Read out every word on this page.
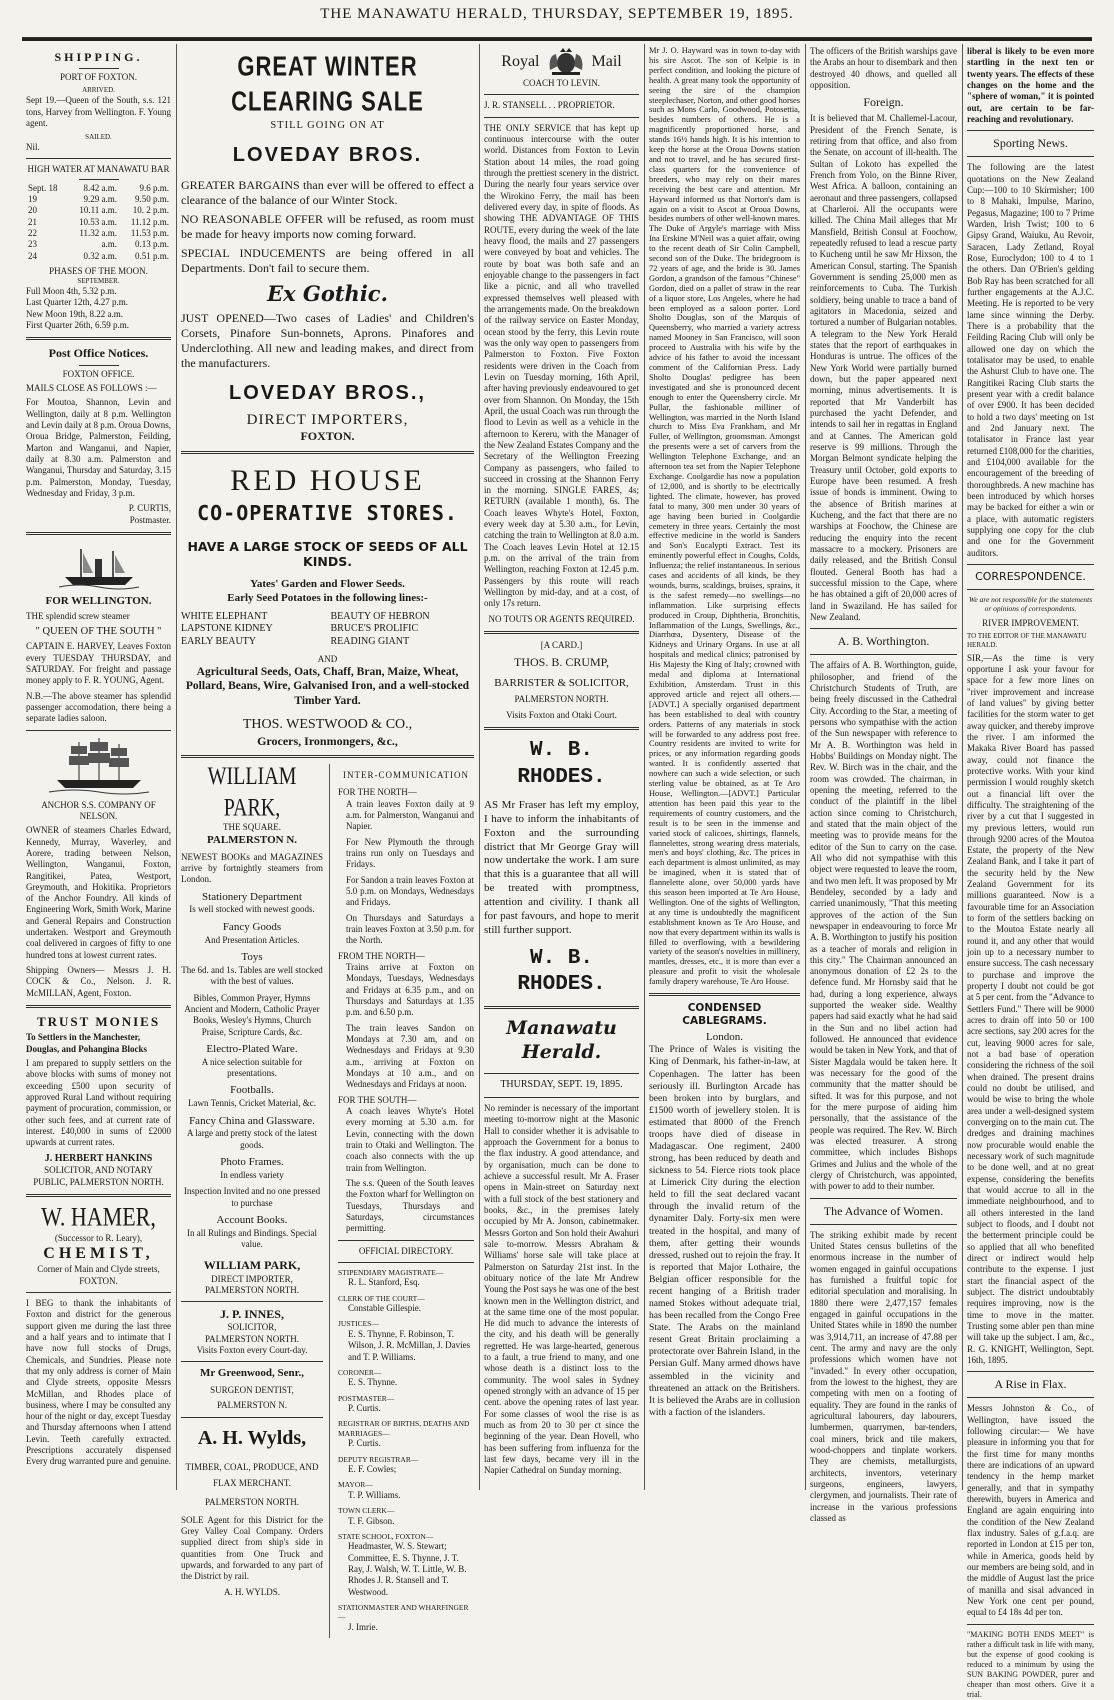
THE MANAWATU HERALD, THURSDAY, SEPTEMBER 19, 1895.
SHIPPING.
PORT OF FOXTON.
ARRIVED.

Sept 19.—Queen of the South, s.s. 121 tons, Harvey from Wellington. F. Young agent.

SAILED.

Nil.

HIGH WATER AT MANAWATU BAR
Sept. 18	8.42 a.m.	9.6 p.m.
19	9.29 a.m.	9.50 p.m.
20	10.11 a.m.	10. 2 p.m.
21	10.53 a.m.	11.12 p.m.
22	11.32 a.m.	11.53 p.m.
23	a.m.	0.13 p.m.
24	0.32 a.m.	0.51 p.m.
PHASES OF THE MOON.
SEPTEMBER.
Full Moon 4th, 5.32 p.m.
Last Quarter 12th, 4.27 p.m.
New Moon 19th, 8.22 a.m.
First Quarter 26th, 6.59 p.m.
Post Office Notices.
FOXTON OFFICE.
MAILS CLOSE AS FOLLOWS :—

For Moutoa, Shannon, Levin and Wellington, daily at 8 p.m. Wellington and Levin daily at 8 p.m. Oroua Downs, Oroua Bridge, Palmerston, Feilding, Marton and Wanganui, and Napier, daily at 8.30 a.m. Palmerston and Wanganui, Thursday and Saturday, 3.15 p.m. Palmerston, Monday, Tuesday, Wednesday and Friday, 3 p.m.

P. CURTIS,
Postmaster.
FOR WELLINGTON.
THE splendid screw steamer
" QUEEN OF THE SOUTH "

CAPTAIN E. HARVEY, Leaves Foxton every TUESDAY THURSDAY, and SATURDAY. For freight and passage money apply to F. R. YOUNG, Agent.

N.B.—The above steamer has splendid passenger accomodation, there being a separate ladies saloon.

ANCHOR S.S. COMPANY OF NELSON.

OWNER of steamers Charles Edward, Kennedy, Murray, Waverley, and Aorere, trading between Nelson, Wellington, Wanganui, Foxton, Rangitikei, Patea, Westport, Greymouth, and Hokitika. Proprietors of the Anchor Foundry. All kinds of Engineering Work, Smith Work, Marine and General Repairs and Construction undertaken. Westport and Greymouth coal delivered in cargoes of fifty to one hundred tons at lowest current rates.

Shipping Owners— Messrs J. H. COCK & Co., Nelson. J. R. McMILLAN, Agent, Foxton.

TRUST MONIES
To Settlers in the Manchester, Douglas, and Pohangina Blocks

I am prepared to supply settlers on the above blocks with sums of money not exceeding £500 upon security of approved Rural Land without requiring payment of procuration, commission, or other such fees, and at current rate of interest. £40,000 in sums of £2000 upwards at current rates.

J. HERBERT HANKINS
SOLICITOR, AND NOTARY PUBLIC, PALMERSTON NORTH.
W. HAMER,
(Successor to R. Leary),
CHEMIST,
Corner of Main and Clyde streets, FOXTON.

I BEG to thank the inhabitants of Foxton and district for the generous support given me during the last three and a half years and to intimate that I have now full stocks of Drugs, Chemicals, and Sundries. Please note that my only address is corner of Main and Clyde streets, opposite Messrs McMillan, and Rhodes place of business, where I may be consulted any hour of the night or day, except Tuesday and Thursday afternoons when I attend Levin. Teeth carefully extracted. Prescriptions accurately dispensed Every drug warranted pure and genuine.

GREAT WINTER CLEARING SALE
STILL GOING ON AT
LOVEDAY BROS.

GREATER BARGAINS than ever will be offered to effect a clearance of the balance of our Winter Stock.

NO REASONABLE OFFER will be refused, as room must be made for heavy imports now coming forward.

SPECIAL INDUCEMENTS are being offered in all Departments. Don't fail to secure them.

Ex Gothic.

JUST OPENED—Two cases of Ladies' and Children's Corsets, Pinafore Sun-bonnets, Aprons. Pinafores and Underclothing. All new and leading makes, and direct from the manufacturers.

LOVEDAY BROS.,
DIRECT IMPORTERS,
FOXTON.
RED HOUSE
CO-OPERATIVE STORES.
HAVE A LARGE STOCK OF SEEDS OF ALL KINDS.
Yates' Garden and Flower Seeds.
Early Seed Potatoes in the following lines:-
WHITE ELEPHANT
LAPSTONE KIDNEY
EARLY BEAUTY
BEAUTY OF HEBRON
BRUCE'S PROLIFIC
READING GIANT
AND
Agricultural Seeds, Oats, Chaff, Bran, Maize, Wheat, Pollard, Beans, Wire, Galvanised Iron, and a well-stocked Timber Yard.
THOS. WESTWOOD & CO.,
Grocers, Ironmongers, &c.,
WILLIAM PARK,
THE SQUARE.
PALMERSTON N.

NEWEST BOOKs and MAGAZINES arrive by fortnightly steamers from London.

Stationery Department
Is well stocked with newest goods.
Fancy Goods
And Presentation Articles.
Toys
The 6d. and 1s. Tables are well stocked with the best of values.
Bibles, Common Prayer, Hymns Ancient and Modern, Catholic Prayer Books, Wesley's Hymns, Church Praise, Scripture Cards, &c.
Electro-Plated Ware.
A nice selection suitable for presentations.
Footballs.
Lawn Tennis, Cricket Material, &c.
Fancy China and Glassware.
A large and pretty stock of the latest goods.
Photo Frames.
In endless variety
Inspection Invited and no one pressed to purchase
Account Books.
In all Rulings and Bindings. Special value.
WILLIAM PARK,
DIRECT IMPORTER,
PALMERSTON NORTH.
J. P. INNES,
SOLICITOR,
PALMERSTON NORTH.
Visits Foxton every Court-day.
Mr Greenwood, Senr.,
SURGEON DENTIST,
PALMERSTON N.
A. H. Wylds,
TIMBER, COAL, PRODUCE, AND FLAX MERCHANT.
PALMERSTON NORTH.

SOLE Agent for this District for the Grey Valley Coal Company. Orders supplied direct from ship's side in quantities from One Truck and upwards, and forwarded to any part of the District by rail.

A. H. WYLDS.
INTER-COMMUNICATION
FOR THE NORTH—

A train leaves Foxton daily at 9 a.m. for Palmerston, Wanganui and Napier.

For New Plymouth the through trains run only on Tuesdays and Fridays.

For Sandon a train leaves Foxton at 5.0 p.m. on Mondays, Wednesdays and Fridays.

On Thursdays and Saturdays a train leaves Foxton at 3.50 p.m. for the North.

FROM THE NORTH—

Trains arrive at Foxton on Mondays, Tuesdays, Wednesdays and Fridays at 6.35 p.m., and on Thursdays and Saturdays at 1.35 p.m. and 6.50 p.m.

The train leaves Sandon on Mondays at 7.30 am, and on Wednesdays and Fridays at 9.30 a.m., arriving at Foxton on Mondays at 10 a.m., and on Wednesdays and Fridays at noon.

FOR THE SOUTH—

A coach leaves Whyte's Hotel every morning at 5.30 a.m. for Levin, connecting with the down train to Otaki and Wellington. The coach also connects with the up train from Wellington.

The s.s. Queen of the South leaves the Foxton wharf for Wellington on Tuesdays, Thursdays and Saturdays, circumstances permitting.

OFFICIAL DIRECTORY.
STIPENDIARY MAGISTRATE—
R. L. Stanford, Esq.
CLERK OF THE COURT—
Constable Gillespie.
JUSTICES—
E. S. Thynne, F. Robinson, T. Wilson, J. R. McMillan, J. Davies and T. P. Williams.
CORONER—
E. S. Thynne.
POSTMASTER—
P. Curtis.
REGISTRAR OF BIRTHS, DEATHS AND MARRIAGES—
P. Curtis.
DEPUTY REGISTRAR—
E. F. Cowles;
MAYOR—
T. P. Williams.
TOWN CLERK—
T. F. Gibson.
STATE SCHOOL, FOXTON—
Headmaster, W. S. Stewart; Committee, E. S. Thynne, J. T. Ray, J. Walsh, W. T. Little, W. B. Rhodes J. R. Stansell and T. Westwood.
STATIONMASTER AND WHARFINGER—
J. Imrie.
Royal	Mail
COACH TO LEVIN.
J. R. STANSELL . . PROPRIETOR.

THE ONLY SERVICE that has kept up continuous intercourse with the outer world. Distances from Foxton to Levin Station about 14 miles, the road going through the prettiest scenery in the district. During the nearly four years service over the Wirokino Ferry, the mail has been delivered every day, in spite of floods. As showing THE ADVANTAGE OF THIS ROUTE, every during the week of the late heavy flood, the mails and 27 passengers were conveyed by boat and vehicles. The route by boat was both safe and an enjoyable change to the passengers in fact like a picnic, and all who travelled expressed themselves well pleased with the arrangements made. On the breakdown of the railway service on Easter Monday, ocean stood by the ferry, this Levin route was the only way open to passengers from Palmerston to Foxton. Five Foxton residents were driven in the Coach from Levin on Tuesday morning, 16th April, after having previously endeavoured to get over from Shannon. On Monday, the 15th April, the usual Coach was run through the flood to Levin as well as a vehicle in the afternoon to Kereru, with the Manager of the New Zealand Estates Company and the Secretary of the Wellington Freezing Company as passengers, who failed to succeed in crossing at the Shannon Ferry in the morning. SINGLE FARES, 4s; RETURN (available 1 month), 6s. The Coach leaves Whyte's Hotel, Foxton, every week day at 5.30 a.m., for Levin, catching the train to Wellington at 8.0 a.m. The Coach leaves Levin Hotel at 12.15 p.m. on the arrival of the train from Wellington, reaching Foxton at 12.45 p.m. Passengers by this route will reach Wellington by mid-day, and at a cost, of only 17s return.

NO TOUTS OR AGENTS REQUIRED.
[A CARD.]
THOS. B. CRUMP,
BARRISTER & SOLICITOR,
PALMERSTON NORTH.
Visits Foxton and Otaki Court.
W. B. RHODES.

AS Mr Fraser has left my employ, I have to inform the inhabitants of Foxton and the surrounding district that Mr George Gray will now undertake the work. I am sure that this is a guarantee that all will be treated with promptness, attention and civility. I thank all for past favours, and hope to merit still further support.

W. B. RHODES.
Manawatu Herald.
THURSDAY, SEPT. 19, 1895.

No reminder is necessary of the important meeting to-morrow night at the Masonic Hall to consider whether it is advisable to approach the Government for a bonus to the flax industry. A good attendance, and by organisation, much can be done to achieve a successful result. Mr A. Fraser opens in Main-street on Saturday next with a full stock of the best stationery and books, &c., in the premises lately occupied by Mr A. Jonson, cabinetmaker. Messrs Gorton and Son hold their Awahuri sale to-morrow. Messrs Abraham & Williams' horse sale will take place at Palmerston on Saturday 21st inst. In the obituary notice of the late Mr Andrew Young the Post says he was one of the best known men in the Wellington district, and at the same time one of the most popular. He did much to advance the interests of the city, and his death will be generally regretted. He was large-hearted, generous to a fault, a true friend to many, and one whose death is a distinct loss to the community. The wool sales in Sydney opened strongly with an advance of 15 per cent. above the opening rates of last year. For some classes of wool the rise is as much as from 20 to 30 per ct since the beginning of the year. Dean Hovell, who has been suffering from influenza for the last few days, became very ill in the Napier Cathedral on Sunday morning.

Mr J. O. Hayward was in town to-day with his sire Ascot. The son of Kelpie is in perfect condition, and looking the picture of health. A great many took the opportunity of seeing the sire of the champion steeplechaser, Norton, and other good horses such as Mons Carlo, Goodwood, Potosettia, besides numbers of others. He is a magnificently proportioned horse, and stands 16½ hands high. It is his intention to keep the horse at the Oroua Downs station and not to travel, and he has secured first-class quarters for the convenience of breeders, who may rely on their mares receiving the best care and attention. Mr Hayward informed us that Norton's dam is again on a visit to Ascot at Oroua Downs, besides numbers of other well-known mares. The Duke of Argyle's marriage with Miss Ina Erskine M'Neil was a quiet affair, owing to the recent death of Sir Colin Campbell, second son of the Duke. The bridegroom is 72 years of age, and the bride is 30. James Gordon, a grandson of the famous "Chinese" Gordon, died on a pallet of straw in the rear of a liquor store, Los Angeles, where he had been employed as a saloon porter. Lord Sholto Douglas, son of the Marquis of Queensberry, who married a variety actress named Mooney in San Francisco, will soon proceed to Australia with his wife by the advice of his father to avoid the incessant comment of the Californian Press. Lady Sholto Douglas' pedigree has been investigated and she is pronounced decent enough to enter the Queensberry circle. Mr Pullar, the fashionable milliner of Wellington, was married in the North Island church to Miss Eva Frankham, and Mr Fuller, of Wellington, groomsman. Amongst the presents were a set of carvers from the Wellington Telephone Exchange, and an afternoon tea set from the Napier Telephone Exchange. Coolgardie has now a population of 12,000, and is shortly to be electrically lighted. The climate, however, has proved fatal to many, 300 men under 30 years of age having been buried in Coolgardie cemetery in three years. Certainly the most effective medicine in the world is Sanders and Son's Eucalypti Extract. Test its eminently powerful effect in Coughs, Colds, Influenza; the relief instantaneous. In serious cases and accidents of all kinds, be they wounds, burns, scaldings, bruises, sprains, it is the safest remedy—no swellings—no inflammation. Like surprising effects produced in Croup, Diphtheria, Bronchitis, Inflammation of the Lungs, Swellings, &c., Diarrhœa, Dysentery, Disease of the Kidneys and Urinary Organs. In use at all hospitals and medical clinics; patronised by His Majesty the King of Italy; crowned with medal and diploma at International Exhibition, Amsterdam. Trust in this approved article and reject all others.—[ADVT.] A specially organised department has been established to deal with country orders. Patterns of any materials in stock will be forwarded to any address post free. Country residents are invited to write for prices, or any information regarding goods wanted. It is confidently asserted that nowhere can such a wide selection, or such sterling value be obtained, as at Te Aro House, Wellington.—[ADVT.] Particular attention has been paid this year to the requirements of country customers, and the result is to be seen in the immense and varied stock of calicoes, shirtings, flannels, flannelettes, strong wearing dress materials, men's and boys' clothing, &c. The prices in each department is almost unlimited, as may be imagined, when it is stated that of flannelette alone, over 50,000 yards have this season been imported at Te Aro House, Wellington. One of the sights of Wellington, at any time is undoubtedly the magnificent establishment known as Te Aro House, and now that every department within its walls is filled to overflowing, with a bewildering variety of the season's novelties in millinery, mantles, dresses, etc., it is more than ever a pleasure and profit to visit the wholesale family drapery warehouse, Te Aro House.

CONDENSED CABLEGRAMS.
London.

The Prince of Wales is visiting the King of Denmark, his father-in-law, at Copenhagen. The latter has been seriously ill. Burlington Arcade has been broken into by burglars, and £1500 worth of jewellery stolen. It is estimated that 8000 of the French troops have died of disease in Madagascar. One regiment, 2400 strong, has been reduced by death and sickness to 54. Fierce riots took place at Limerick City during the election held to fill the seat declared vacant through the invalid return of the dynamiter Daly. Forty-six men were treated in the hospital, and many of them, after getting their wounds dressed, rushed out to rejoin the fray. It is reported that Major Lothaire, the Belgian officer responsible for the recent hanging of a British trader named Stokes without adequate trial, has been recalled from the Congo Free State. The Arabs on the mainland resent Great Britain proclaiming a protectorate over Bahrein Island, in the Persian Gulf. Many armed dhows have assembled in the vicinity and threatened an attack on the Britishers. It is believed the Arabs are in collusion with a faction of the islanders.

The officers of the British warships gave the Arabs an hour to disembark and then destroyed 40 dhows, and quelled all opposition.

Foreign.

It is believed that M. Challemel-Lacour, President of the French Senate, is retiring from that office, and also from the Senate, on account of ill-health. The Sultan of Lokoto has expelled the French from Yolo, on the Binne River, West Africa. A balloon, containing an aeronaut and three passengers, collapsed at Charleroi. All the occupants were killed. The China Mail alleges that Mr Mansfield, British Consul at Foochow, repeatedly refused to lead a rescue party to Kucheng until he saw Mr Hixson, the American Consul, starting. The Spanish Government is sending 25,000 men as reinforcements to Cuba. The Turkish soldiery, being unable to trace a band of agitators in Macedonia, seized and tortured a number of Bulgarian notables. A telegram to the New York Herald states that the report of earthquakes in Honduras is untrue. The offices of the New York World were partially burned down, but the paper appeared next morning, minus advertisements. It is reported that Mr Vanderbilt has purchased the yacht Defender, and intends to sail her in regattas in England and at Cannes. The American gold reserve is 99 millions. Through the Morgan Belmont syndicate helping the Treasury until October, gold exports to Europe have been resumed. A fresh issue of bonds is imminent. Owing to the absence of British marines at Kucheng, and the fact that there are no warships at Foochow, the Chinese are reducing the enquiry into the recent massacre to a mockery. Prisoners are daily released, and the British Consul flouted. General Booth has had a successful mission to the Cape, where he has obtained a gift of 20,000 acres of land in Swaziland. He has sailed for New Zealand.

A. B. Worthington.

The affairs of A. B. Worthington, guide, philosopher, and friend of the Christchurch Students of Truth, are being freely discussed in the Cathedral City. According to the Star, a meeting of persons who sympathise with the action of the Sun newspaper with reference to Mr A. B. Worthington was held in Hobbs' Buildings on Monday night. The Rev. W. Birch was in the chair, and the room was crowded. The chairman, in opening the meeting, referred to the conduct of the plaintiff in the libel action since coming to Christchurch, and stated that the main object of the meeting was to provide means for the editor of the Sun to carry on the case. All who did not sympathise with this object were requested to leave the room, and two men left. It was proposed by Mr Bendeley, seconded by a lady and carried unanimously, "That this meeting approves of the action of the Sun newspaper in endeavouring to force Mr A. B. Worthington to justify his position as a teacher of morals and religion in this city." The Chairman announced an anonymous donation of £2 2s to the defence fund. Mr Hornsby said that he had, during a long experience, always supported the weaker side. Wealthy papers had said exactly what he had said in the Sun and no libel action had followed. He announced that evidence would be taken in New York, and that of Sister Magdala would be taken here. It was necessary for the good of the community that the matter should be sifted. It was for this purpose, and not for the mere purpose of aiding him personally, that the assistance of the people was required. The Rev. W. Birch was elected treasurer. A strong committee, which includes Bishops Grimes and Julius and the whole of the clergy of Christchurch, was appointed, with power to add to their number.

The Advance of Women.

The striking exhibit made by recent United States census bulletins of the enormous increase in the number of women engaged in gainful occupations has furnished a fruitful topic for editorial speculation and moralising. In 1880 there were 2,477,157 females engaged in gainful occupations in the United States while in 1890 the number was 3,914,711, an increase of 47.88 per cent. The army and navy are the only professions which women have not "invaded." In every other occupation, from the lowest to the highest, they are competing with men on a footing of equality. They are found in the ranks of agricultural labourers, day labourers, lumbermen, quarrymen, bar-tenders, coal miners, brick and tile makers, wood-choppers and tinplate workers. They are chemists, metallurgists, architects, inventors, veterinary surgeons, engineers, lawyers, clergymen, and journalists. Their rate of increase in the various professions classed as

liberal is likely to be even more startling in the next ten or twenty years. The effects of these changes on the home and the "sphere of woman," it is pointed out, are certain to be far-reaching and revolutionary.

Sporting News.

The following are the latest quotations on the New Zealand Cup:—100 to 10 Skirmisher; 100 to 8 Mahaki, Impulse, Marino, Pegasus, Magazine; 100 to 7 Prime Warden, Irish Twist; 100 to 6 Gipsy Grand, Waiuku, Au Revoir, Saracen, Lady Zetland, Royal Rose, Euroclydon; 100 to 4 to 1 the others. Dan O'Brien's gelding Bob Ray has been scratched for all further engagements at the A.J.C. Meeting. He is reported to be very lame since winning the Derby. There is a probability that the Feilding Racing Club will only be allowed one day on which the totalisator may be used, to enable the Ashurst Club to have one. The Rangitikei Racing Club starts the present year with a credit balance of over £900. It has been decided to hold a two days' meeting on 1st and 2nd January next. The totalisator in France last year returned £108,000 for the charities, and £104,000 available for the encouragement of the breeding of thoroughbreds. A new machine has been introduced by which horses may be backed for either a win or a place, with automatic registers supplying one copy for the club and one for the Government auditors.

CORRESPONDENCE.
We are not responsible for the statements or opinions of correspondents.
RIVER IMPROVEMENT.
TO THE EDITOR OF THE MANAWATU HERALD.

SIR,—As the time is very opportune I ask your favour for space for a few more lines on "river improvement and increase of land values" by giving better facilities for the storm water to get away quicker, and thereby improve the river. I am informed the Makaka River Board has passed away, could not finance the protective works. With your kind permission I would roughly sketch out a financial lift over the difficulty. The straightening of the river by a cut that I suggested in my previous letters, would run through 9200 acres of the Moutoa Estate, the property of the New Zealand Bank, and I take it part of the security held by the New Zealand Government for its millions guaranteed. Now is a favourable time for an Association to form of the settlers backing on to the Moutoa Estate nearly all round it, and any other that would join up to a necessary number to ensure success. The cash necessary to purchase and improve the property I doubt not could be got at 5 per cent. from the "Advance to Settlers Fund." There will be 9000 acres to drain off into 50 or 100 acre sections, say 200 acres for the cut, leaving 9000 acres for sale, not a bad base of operation considering the richness of the soil when drained. The present drains could no doubt be utilised, and would be wise to bring the whole area under a well-designed system converging on to the main cut. The dredges and draining machines now procurable would enable the necessary work of such magnitude to be done well, and at no great expense, considering the benefits that would accrue to all in the immediate neighbourhood, and to all others interested in the land subject to floods, and I doubt not the betterment principle could be so applied that all who benefited direct or indirect would help contribute to the expense. I just start the financial aspect of the subject. The district undoubtably requires improving, now is the time to move in the matter. Trusting some abler pen than mine will take up the subject. I am, &c., R. G. KNIGHT, Wellington, Sept. 16th, 1895.

A Rise in Flax.

Messrs Johnston & Co., of Wellington, have issued the following circular:— We have pleasure in informing you that for the first time for many months there are indications of an upward tendency in the hemp market generally, and that in sympathy therewith, buyers in America and England are again enquiring into the condition of the New Zealand flax industry. Sales of g.f.a.q. are reported in London at £15 per ton, while in America, goods held by our members are being sold, and in the middle of August last the price of manilla and sisal advanced in New York one cent per pound, equal to £4 18s 4d per ton.

"MAKING BOTH ENDS MEET" is rather a difficult task in life with many, but the expense of good cooking is reduced to a minimum by using the SUN BAKING POWDER, purer and cheaper than most others. Give it a trial.
